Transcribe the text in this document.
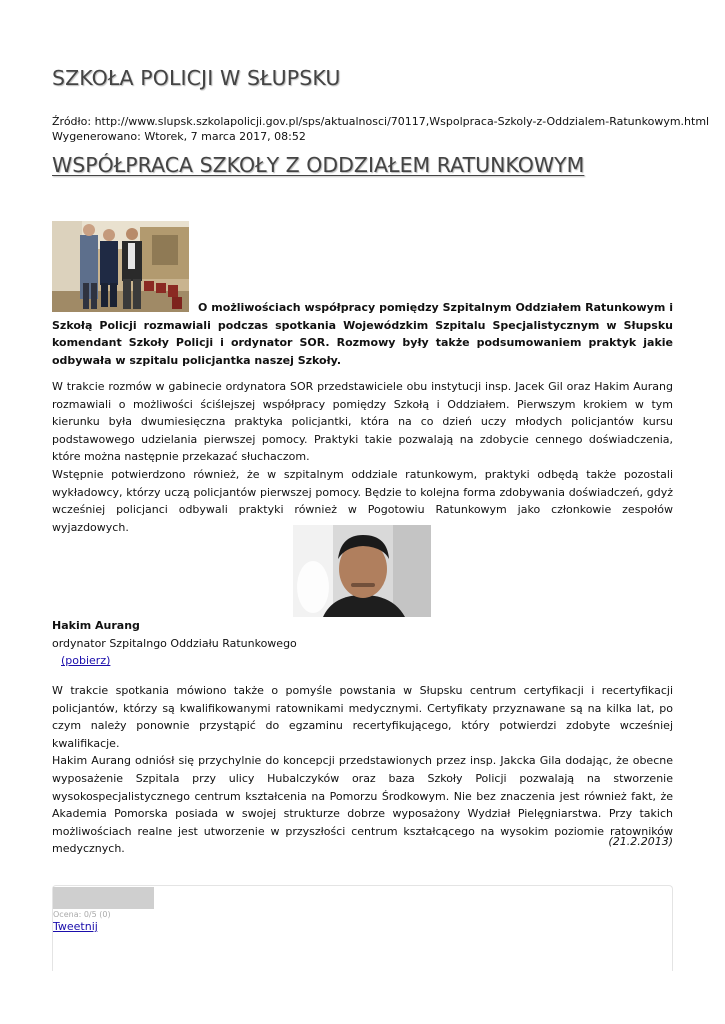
SZKOŁA POLICJI W SŁUPSKU
Źródło: http://www.slupsk.szkolapolicji.gov.pl/sps/aktualnosci/70117,Wspolpraca-Szkoly-z-Oddzialem-Ratunkowym.html
Wygenerowano: Wtorek, 7 marca 2017, 08:52
WSPÓŁPRACA SZKOŁY Z ODDZIAŁEM RATUNKOWYM

O możliwościach współpracy pomiędzy Szpitalnym Oddziałem Ratunkowym i Szkołą Policji rozmawiali podczas spotkania Wojewódzkim Szpitalu Specjalistycznym w Słupsku komendant Szkoły Policji i ordynator SOR. Rozmowy były także podsumowaniem praktyk jakie odbywała w szpitalu policjantka naszej Szkoły.

W trakcie rozmów w gabinecie ordynatora SOR przedstawiciele obu instytucji insp. Jacek Gil oraz Hakim Aurang rozmawiali o możliwości ściślejszej współpracy pomiędzy Szkołą i Oddziałem. Pierwszym krokiem w tym kierunku była dwumiesięczna praktyka policjantki, która na co dzień uczy młodych policjantów kursu podstawowego udzielania pierwszej pomocy. Praktyki takie pozwalają na zdobycie cennego doświadczenia, które można następnie przekazać słuchaczom.
Wstępnie potwierdzono również, że w szpitalnym oddziale ratunkowym, praktyki odbędą także pozostali wykładowcy, którzy uczą policjantów pierwszej pomocy. Będzie to kolejna forma zdobywania doświadczeń, gdyż wcześniej policjanci odbywali praktyki również w Pogotowiu Ratunkowym jako członkowie zespołów wyjazdowych.
Hakim Aurang
ordynator Szpitalngo Oddziału Ratunkowego
(pobierz)
W trakcie spotkania mówiono także o pomyśle powstania w Słupsku centrum certyfikacji i recertyfikacji policjantów, którzy są kwalifikowanymi ratownikami medycznymi. Certyfikaty przyznawane są na kilka lat, po czym należy ponownie przystąpić do egzaminu recertyfikującego, który potwierdzi zdobyte wcześniej kwalifikacje.
Hakim Aurang odniósł się przychylnie do koncepcji przedstawionych przez insp. Jakcka Gila dodając, że obecne wyposażenie Szpitala przy ulicy Hubalczyków oraz baza Szkoły Policji pozwalają na stworzenie wysokospecjalistycznego centrum kształcenia na Pomorzu Środkowym. Nie bez znaczenia jest również fakt, że Akademia Pomorska posiada w swojej strukturze dobrze wyposażony Wydział Pielęgniarstwa. Przy takich możliwościach realne jest utworzenie w przyszłości centrum kształcącego na wysokim poziomie ratowników medycznych.
(21.2.2013)
Ocena: 0/5 (0)
Tweetnij
